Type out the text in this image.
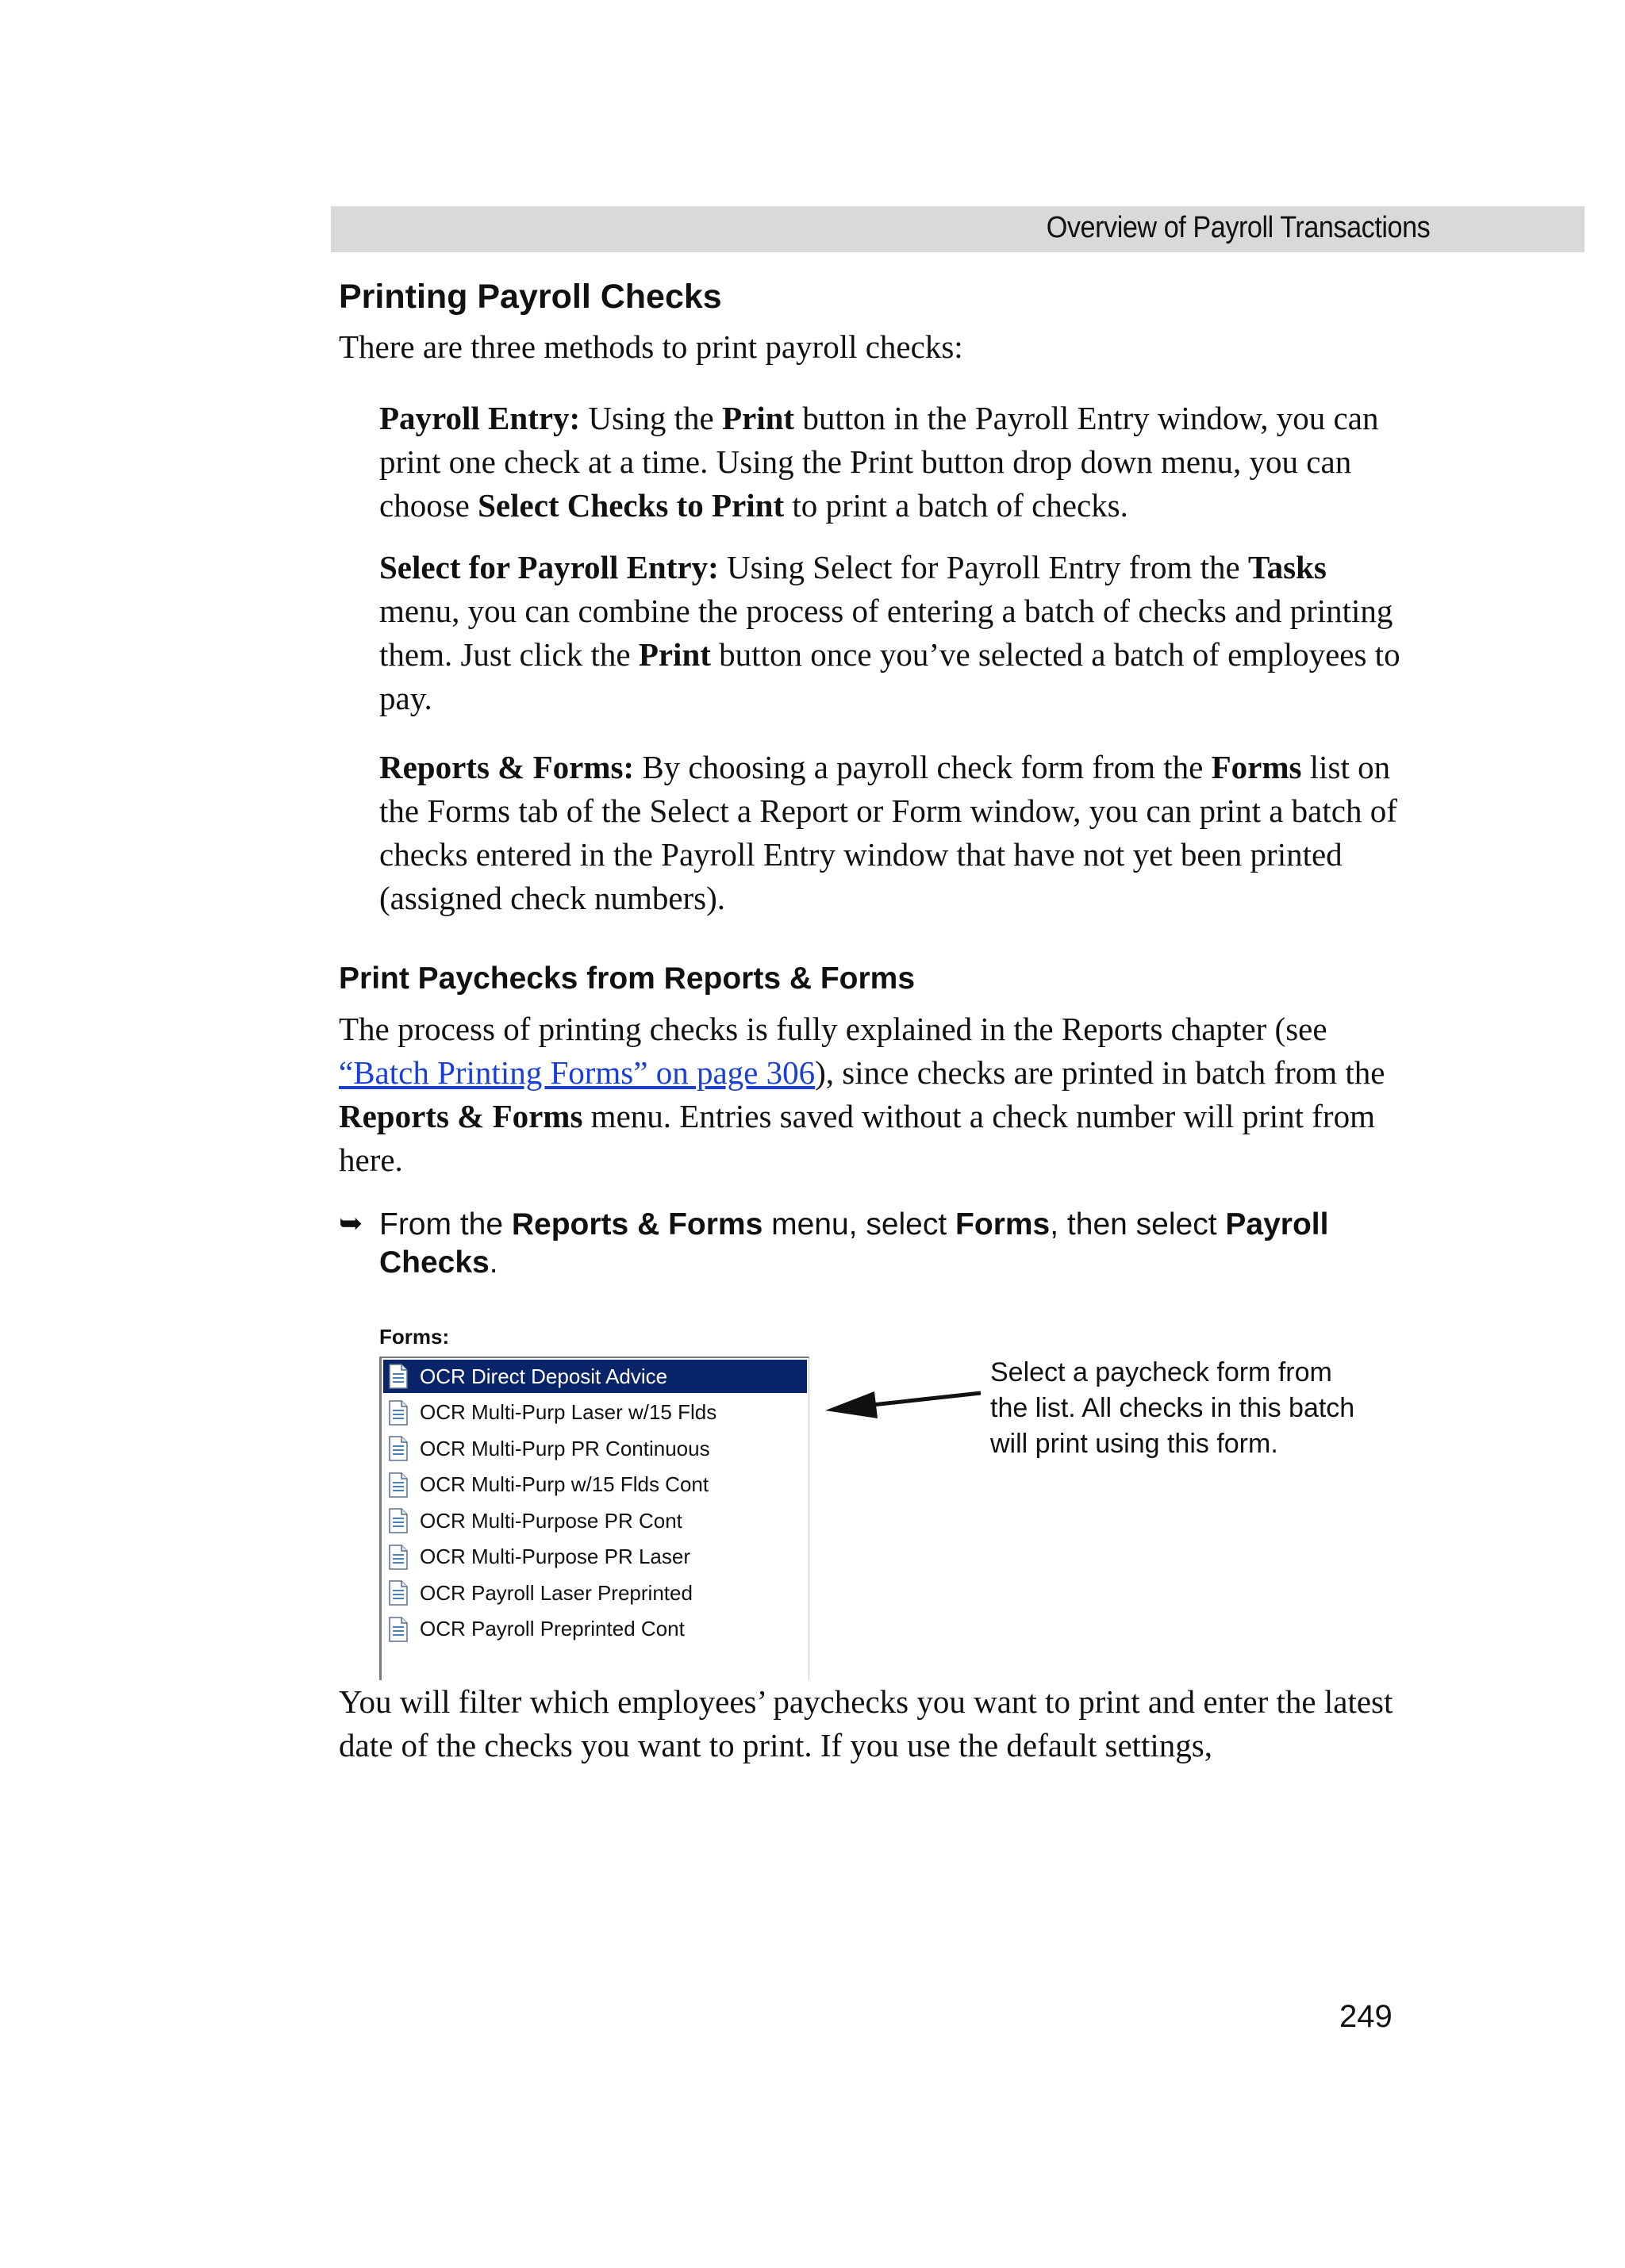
Overview of Payroll Transactions
Printing Payroll Checks

There are three methods to print payroll checks:

Payroll Entry: Using the Print button in the Payroll Entry window, you can print one check at a time. Using the Print button drop down menu, you can choose Select Checks to Print to print a batch of checks.

Select for Payroll Entry: Using Select for Payroll Entry from the Tasks menu, you can combine the process of entering a batch of checks and printing them. Just click the Print button once you’ve selected a batch of employees to pay.

Reports & Forms: By choosing a payroll check form from the Forms list on the Forms tab of the Select a Report or Form window, you can print a batch of checks entered in the Payroll Entry window that have not yet been printed (assigned check numbers).

Print Paychecks from Reports & Forms

The process of printing checks is fully explained in the Reports chapter (see “Batch Printing Forms” on page 306), since checks are printed in batch from the Reports & Forms menu. Entries saved without a check number will print from here.

➥ From the Reports & Forms menu, select Forms, then select Payroll Checks.
Forms:
OCR Direct Deposit Advice
OCR Multi-Purp Laser w/15 Flds
OCR Multi-Purp PR Continuous
OCR Multi-Purp w/15 Flds Cont
OCR Multi-Purpose PR Cont
OCR Multi-Purpose PR Laser
OCR Payroll Laser Preprinted
OCR Payroll Preprinted Cont
Select a paycheck form from the list. All checks in this batch will print using this form.

You will filter which employees’ paychecks you want to print and enter the latest date of the checks you want to print. If you use the default settings,

249
